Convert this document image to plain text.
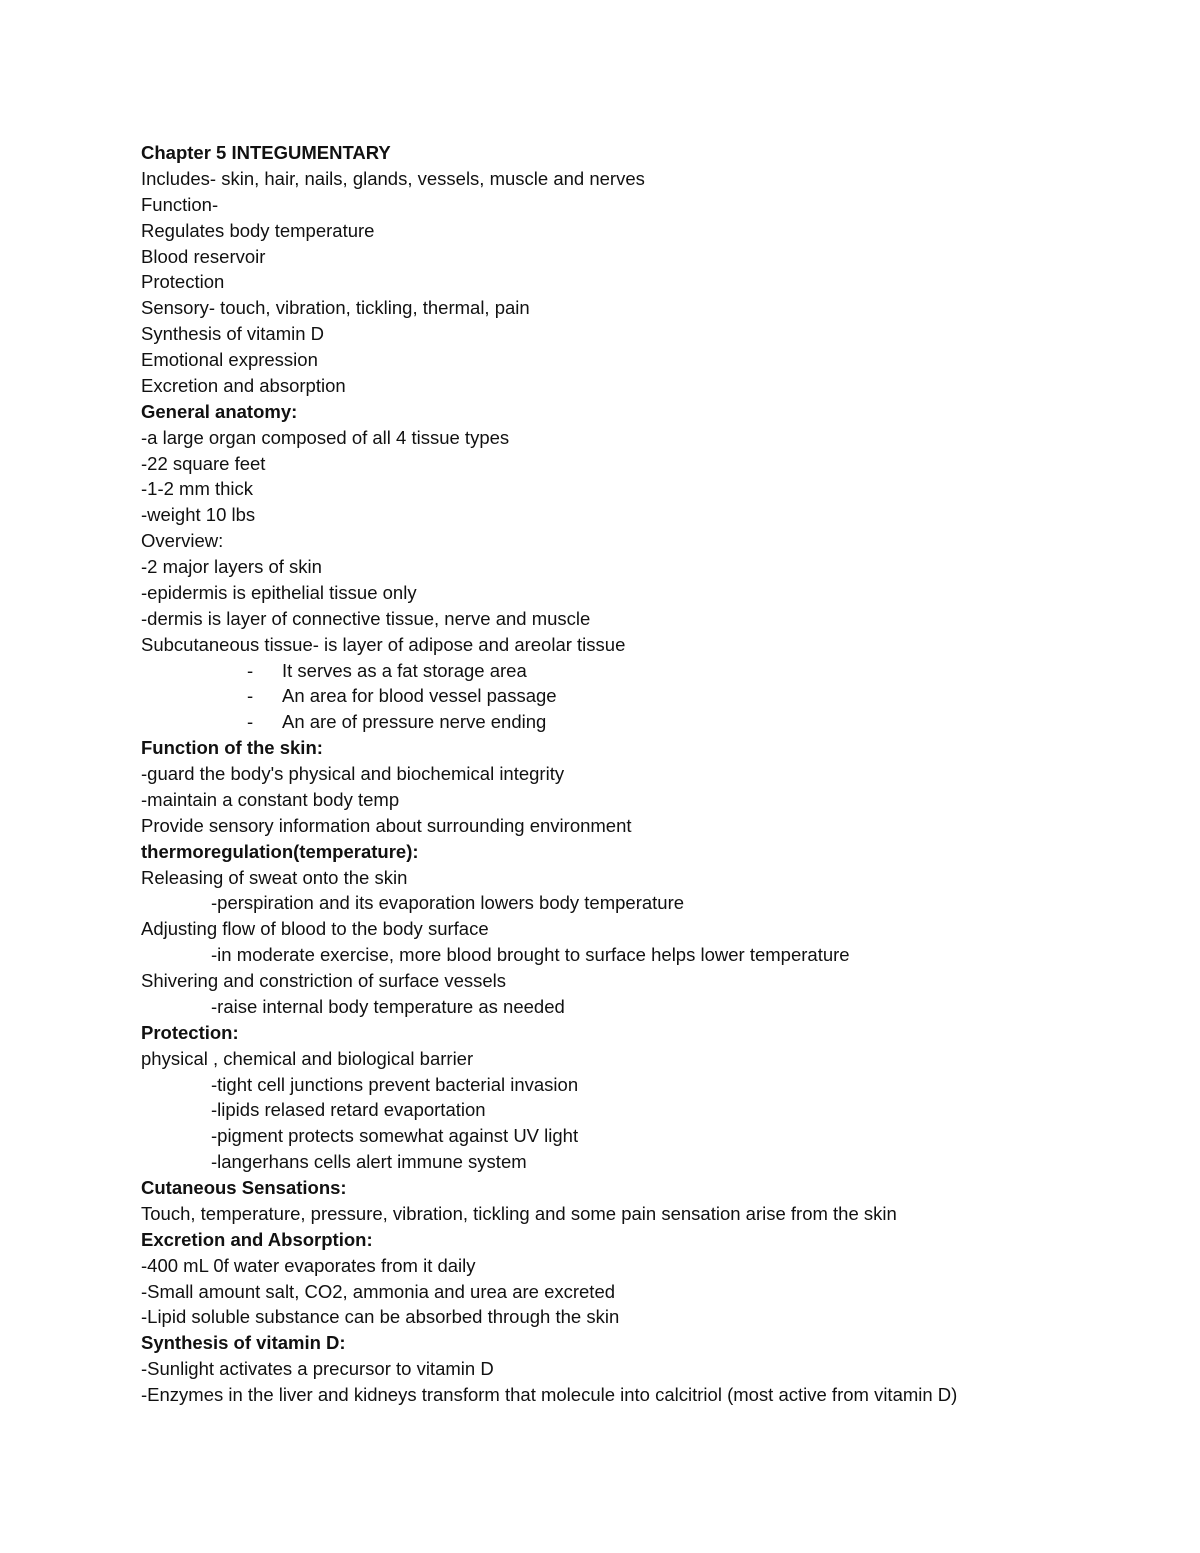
Chapter 5 INTEGUMENTARY
Includes- skin, hair, nails, glands, vessels, muscle and nerves
Function-
Regulates body temperature
Blood reservoir
Protection
Sensory- touch, vibration, tickling, thermal, pain
Synthesis of vitamin D
Emotional expression
Excretion and absorption
General anatomy:
-a large organ composed of all 4 tissue types
-22 square feet
-1-2 mm thick
-weight 10 lbs
Overview:
-2 major layers of skin
-epidermis is epithelial tissue only
-dermis is layer of connective tissue, nerve and muscle
Subcutaneous tissue- is layer of adipose and areolar tissue
- It serves as a fat storage area
- An area for blood vessel passage
- An are of pressure nerve ending
Function of the skin:
-guard the body's physical and biochemical integrity
-maintain a constant body temp
Provide sensory information about surrounding environment
thermoregulation(temperature):
Releasing of sweat onto the skin
-perspiration and its evaporation lowers body temperature
Adjusting flow of blood to the body surface
-in moderate exercise, more blood brought to surface helps lower temperature
Shivering and constriction of surface vessels
-raise internal body temperature as needed
Protection:
physical , chemical and biological barrier
-tight cell junctions prevent bacterial invasion
-lipids relased retard evaportation
-pigment protects somewhat against UV light
-langerhans cells alert immune system
Cutaneous Sensations:
Touch, temperature, pressure, vibration, tickling and some pain sensation arise from the skin
Excretion and Absorption:
-400 mL 0f water evaporates from it daily
-Small amount salt, CO2, ammonia and urea are excreted
-Lipid soluble substance can be absorbed through the skin
Synthesis of vitamin D:
-Sunlight activates a precursor to vitamin D
-Enzymes in the liver and kidneys transform that molecule into calcitriol (most active from vitamin D)
